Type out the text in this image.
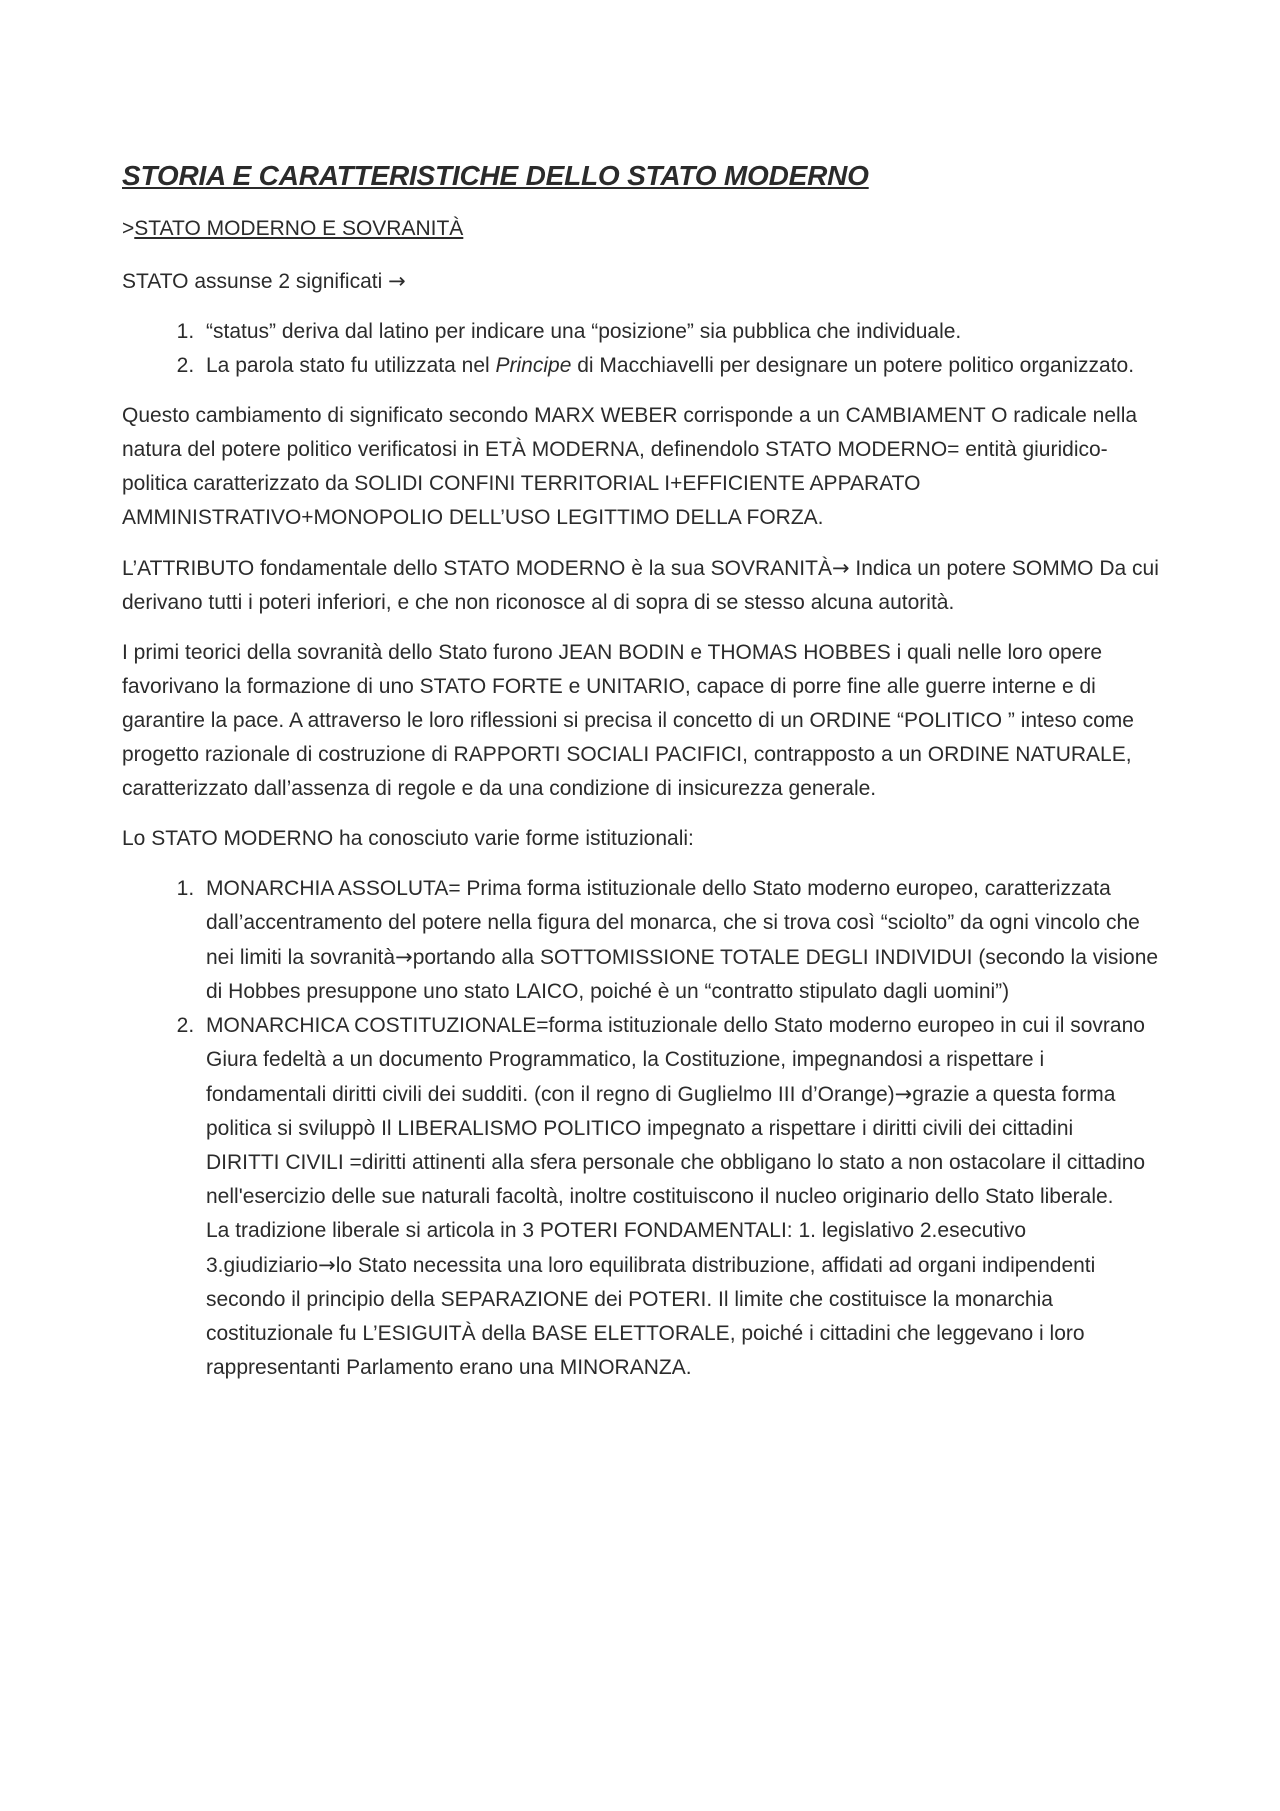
STORIA E CARATTERISTICHE DELLO STATO MODERNO
>STATO MODERNO E SOVRANITÀ

STATO assunse 2 significati →

1. “status” deriva dal latino per indicare una “posizione” sia pubblica che individuale.
2. La parola stato fu utilizzata nel Principe di Macchiavelli per designare un potere politico organizzato.

Questo cambiamento di significato secondo MARX WEBER corrisponde a un CAMBIAMENT O radicale nella natura del potere politico verificatosi in ETÀ MODERNA, definendolo STATO MODERNO= entità giuridico-politica caratterizzato da SOLIDI CONFINI TERRITORIAL I+EFFICIENTE APPARATO AMMINISTRATIVO+MONOPOLIO DELL’USO LEGITTIMO DELLA FORZA.

L’ATTRIBUTO fondamentale dello STATO MODERNO è la sua SOVRANITÀ→ Indica un potere SOMMO Da cui derivano tutti i poteri inferiori, e che non riconosce al di sopra di se stesso alcuna autorità.

I primi teorici della sovranità dello Stato furono JEAN BODIN e THOMAS HOBBES i quali nelle loro opere favorivano la formazione di uno STATO FORTE e UNITARIO, capace di porre fine alle guerre interne e di garantire la pace. A attraverso le loro riflessioni si precisa il concetto di un ORDINE “POLITICO ” inteso come progetto razionale di costruzione di RAPPORTI SOCIALI PACIFICI, contrapposto a un ORDINE NATURALE, caratterizzato dall’assenza di regole e da una condizione di insicurezza generale.

Lo STATO MODERNO ha conosciuto varie forme istituzionali:

1. MONARCHIA ASSOLUTA= Prima forma istituzionale dello Stato moderno europeo, caratterizzata dall’accentramento del potere nella figura del monarca, che si trova così “sciolto” da ogni vincolo che nei limiti la sovranità→portando alla SOTTOMISSIONE TOTALE DEGLI INDIVIDUI (secondo la visione di Hobbes presuppone uno stato LAICO, poiché è un “contratto stipulato dagli uomini”)
2. MONARCHICA COSTITUZIONALE=forma istituzionale dello Stato moderno europeo in cui il sovrano Giura fedeltà a un documento Programmatico, la Costituzione, impegnandosi a rispettare i fondamentali diritti civili dei sudditi. (con il regno di Guglielmo III d’Orange)→grazie a questa forma politica si sviluppò Il LIBERALISMO POLITICO impegnato a rispettare i diritti civili dei cittadini
DIRITTI CIVILI =diritti attinenti alla sfera personale che obbligano lo stato a non ostacolare il cittadino nell'esercizio delle sue naturali facoltà, inoltre costituiscono il nucleo originario dello Stato liberale.
La tradizione liberale si articola in 3 POTERI FONDAMENTALI: 1. legislativo 2.esecutivo 3.giudiziario→lo Stato necessita una loro equilibrata distribuzione, affidati ad organi indipendenti secondo il principio della SEPARAZIONE dei POTERI. Il limite che costituisce la monarchia costituzionale fu L’ESIGUITÀ della BASE ELETTORALE, poiché i cittadini che leggevano i loro rappresentanti Parlamento erano una MINORANZA.
